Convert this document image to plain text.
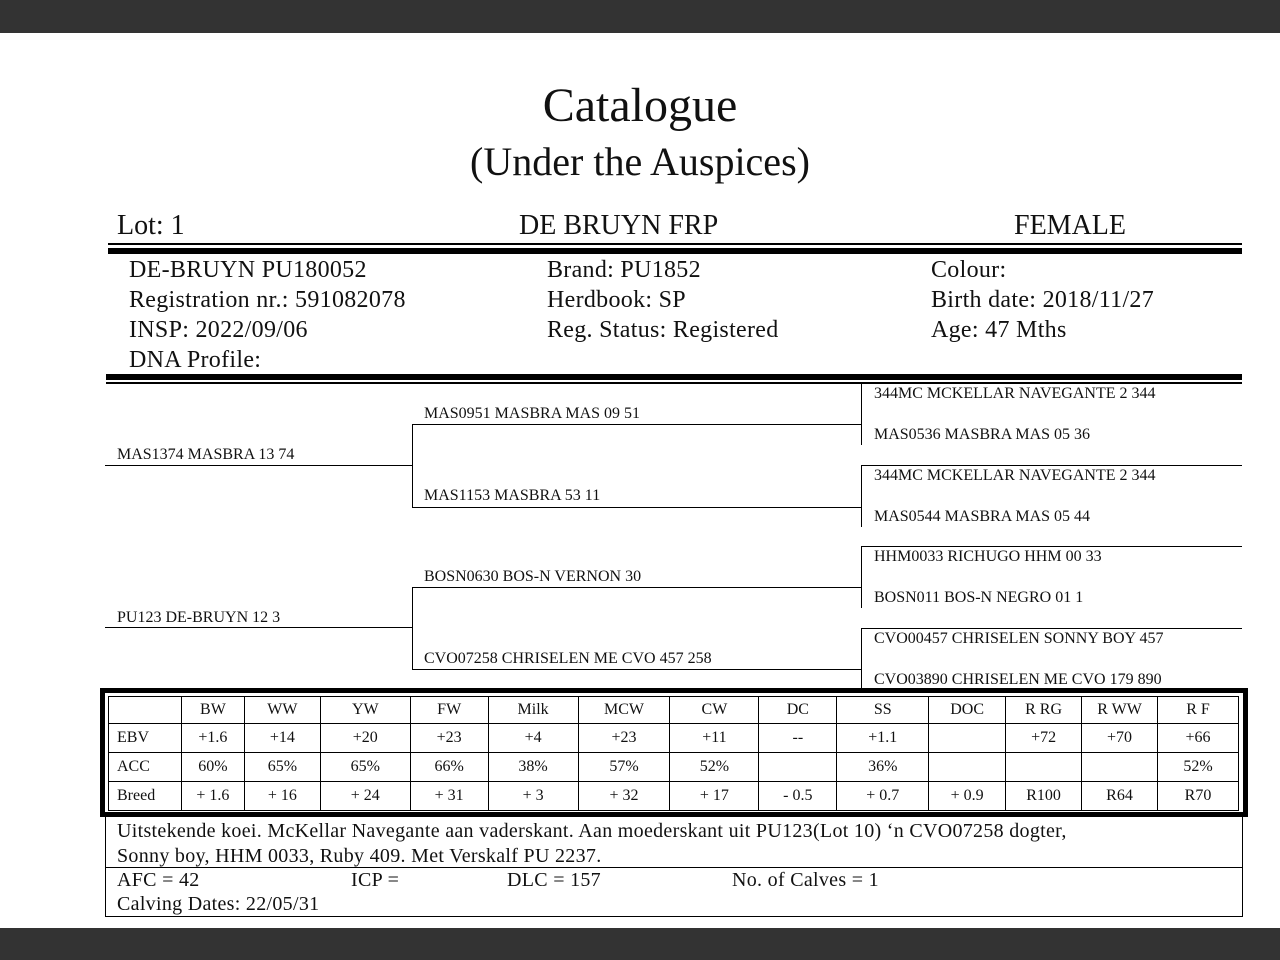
Catalogue
(Under the Auspices)
Lot: 1	DE BRUYN FRP	FEMALE
DE-BRUYN PU180052
Registration nr.: 591082078
INSP: 2022/09/06
DNA Profile:
Brand: PU1852
Herdbook: SP
Reg. Status: Registered
Colour:
Birth date: 2018/11/27
Age: 47 Mths
MAS1374 MASBRA 13 74
PU123 DE-BRUYN 12 3
MAS0951 MASBRA MAS 09 51
MAS1153 MASBRA 53 11
BOSN0630 BOS-N VERNON 30
CVO07258 CHRISELEN ME CVO 457 258
344MC MCKELLAR NAVEGANTE 2 344
MAS0536 MASBRA MAS 05 36
344MC MCKELLAR NAVEGANTE 2 344
MAS0544 MASBRA MAS 05 44
HHM0033 RICHUGO HHM 00 33
BOSN011 BOS-N NEGRO 01 1
CVO00457 CHRISELEN SONNY BOY 457
CVO03890 CHRISELEN ME CVO 179 890
	BW	WW	YW	FW	Milk	MCW	CW	DC	SS	DOC	R RG	R WW	R F
EBV	+1.6	+14	+20	+23	+4	+23	+11	--	+1.1		+72	+70	+66
ACC	60%	65%	65%	66%	38%	57%	52%		36%				52%
Breed	+ 1.6	+ 16	+ 24	+ 31	+ 3	+ 32	+ 17	- 0.5	+ 0.7	+ 0.9	R100	R64	R70
Uitstekende koei. McKellar Navegante aan vaderskant. Aan moederskant uit PU123(Lot 10) ‘n CVO07258 dogter,
Sonny boy, HHM 0033, Ruby 409. Met Verskalf PU 2237.
AFC = 42	ICP =	DLC = 157	No. of Calves = 1
Calving Dates: 22/05/31
